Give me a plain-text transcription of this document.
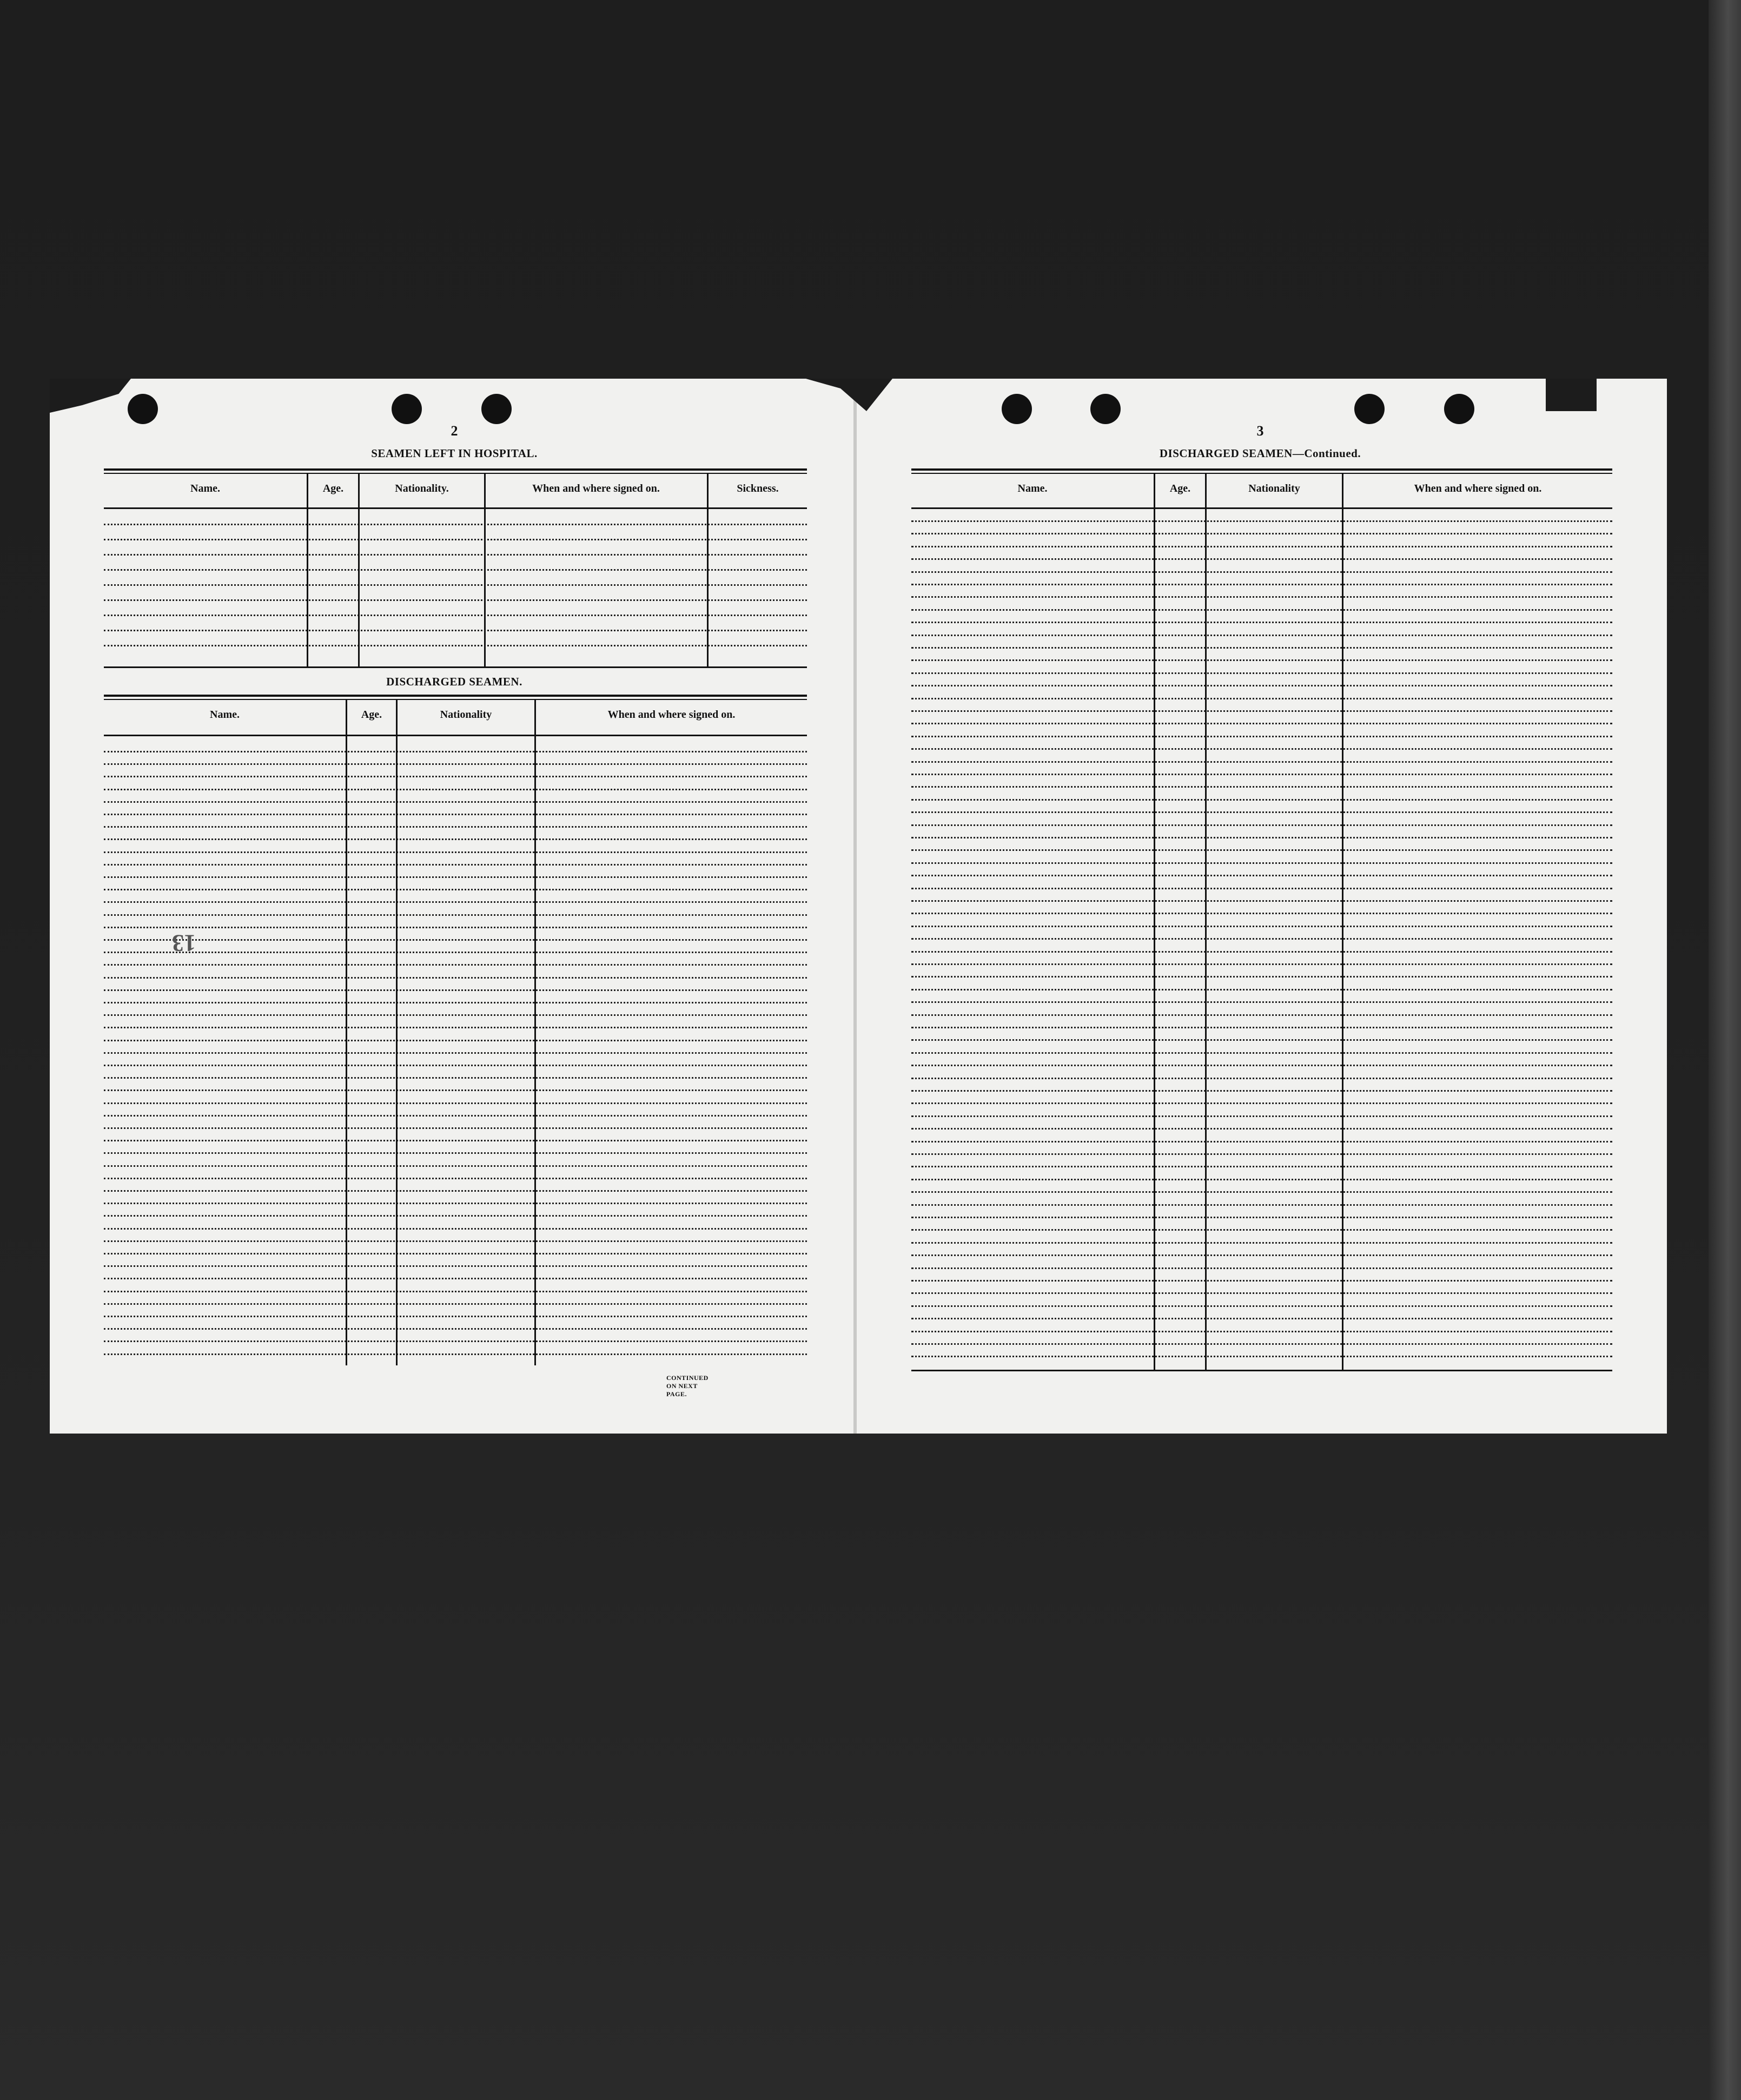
2
SEAMEN LEFT IN HOSPITAL.
Name.	Age.	Nationality.	When and where signed on.	Sickness.
DISCHARGED SEAMEN.
Name.	Age.	Nationality	When and where signed on.
13
CONTINUED ON NEXT PAGE.
3
DISCHARGED SEAMEN—Continued.
Name.	Age.	Nationality	When and where signed on.
